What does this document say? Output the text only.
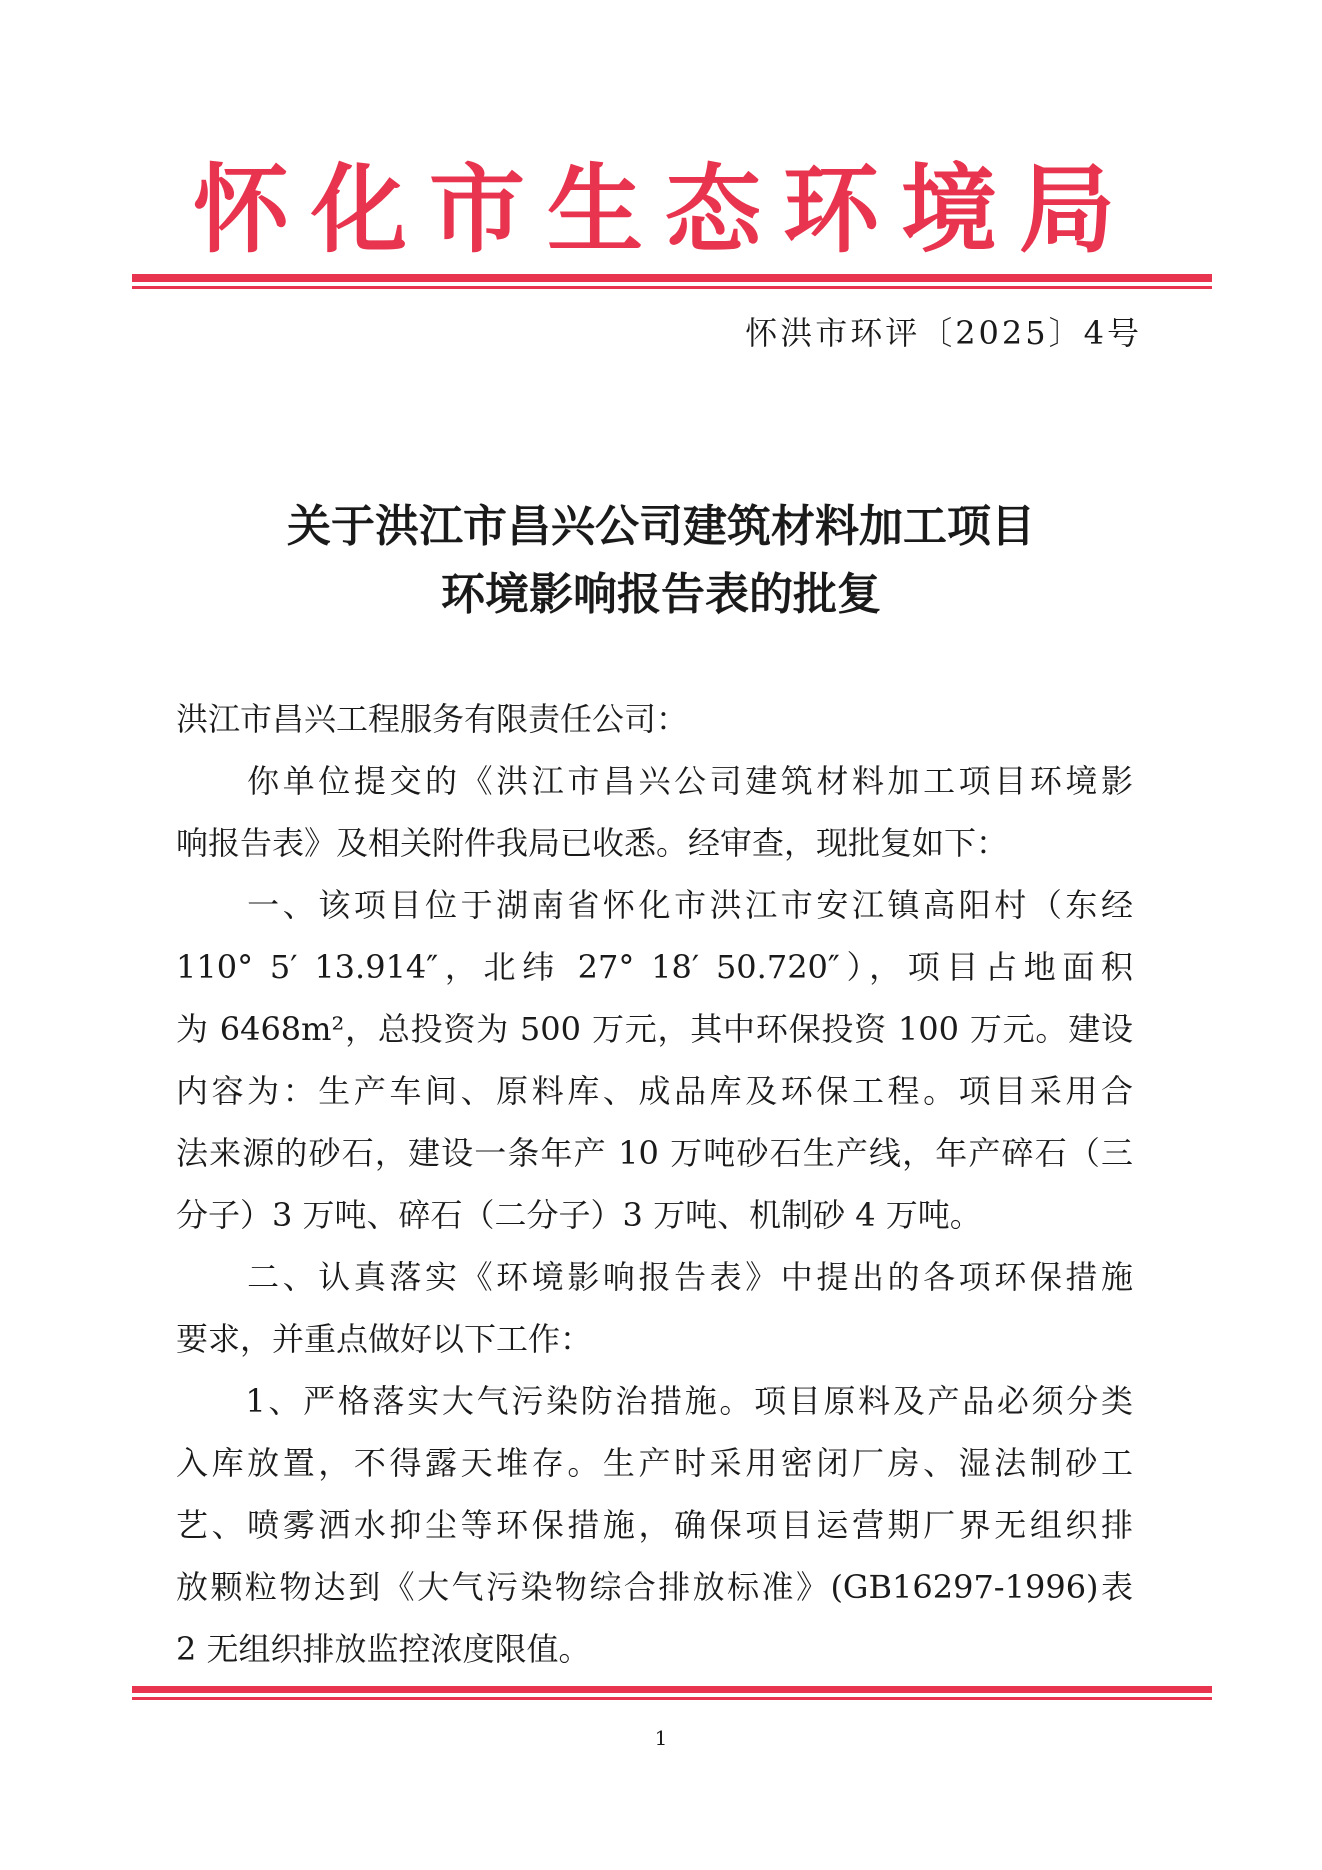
怀化市生态环境局
怀洪市环评〔2025〕4号
关于洪江市昌兴公司建筑材料加工项目
环境影响报告表的批复
洪江市昌兴工程服务有限责任公司：
　　你单位提交的《洪江市昌兴公司建筑材料加工项目环境影
响报告表》及相关附件我局已收悉。经审查，现批复如下：
　　一、该项目位于湖南省怀化市洪江市安江镇高阳村（东经
110° 5′ 13.914″，北纬 27° 18′ 50.720″），项目占地面积
为 6468m²，总投资为 500 万元，其中环保投资 100 万元。建设
内容为：生产车间、原料库、成品库及环保工程。项目采用合
法来源的砂石，建设一条年产 10 万吨砂石生产线，年产碎石（三
分子）3 万吨、碎石（二分子）3 万吨、机制砂 4 万吨。
　　二、认真落实《环境影响报告表》中提出的各项环保措施
要求，并重点做好以下工作：
　　1、严格落实大气污染防治措施。项目原料及产品必须分类
入库放置，不得露天堆存。生产时采用密闭厂房、湿法制砂工
艺、喷雾洒水抑尘等环保措施，确保项目运营期厂界无组织排
放颗粒物达到《大气污染物综合排放标准》(GB16297-1996)表
2 无组织排放监控浓度限值。
1
